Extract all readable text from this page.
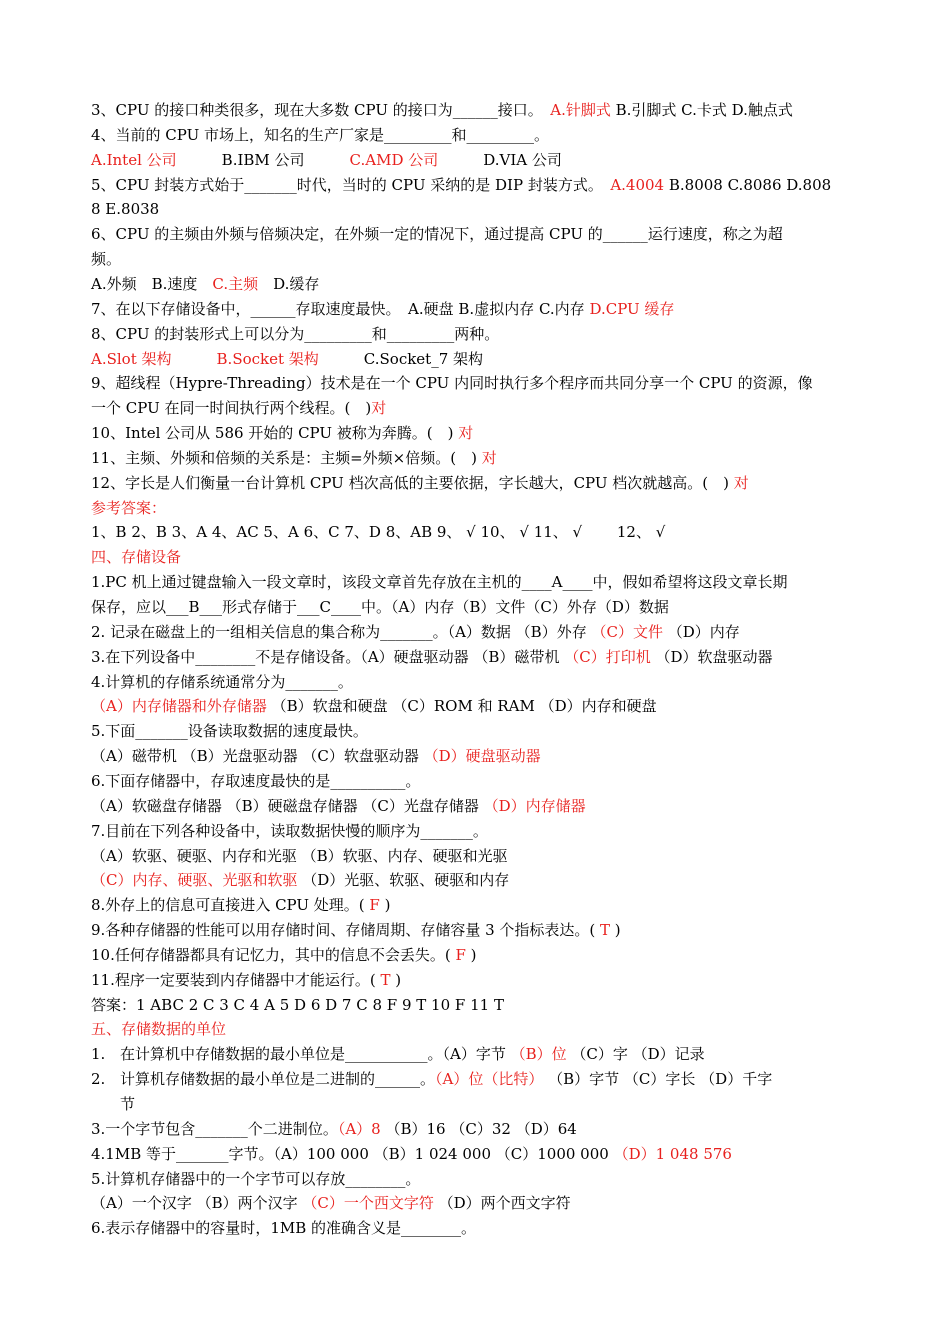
3、CPU 的接口种类很多，现在大多数 CPU 的接口为______接口。　A.针脚式 B.引脚式 C.卡式 D.触点式
4、当前的 CPU 市场上，知名的生产厂家是_________和_________。
A.Intel 公司　　　B.IBM 公司　　　C.AMD 公司　　　D.VIA 公司
5、CPU 封装方式始于_______时代，当时的 CPU 采纳的是 DIP 封装方式。　A.4004 B.8008 C.8086 D.808
8 E.8038
6、CPU 的主频由外频与倍频决定，在外频一定的情况下，通过提高 CPU 的______运行速度，称之为超
频。
A.外频　B.速度　C.主频　D.缓存
7、在以下存储设备中，______存取速度最快。　A.硬盘 B.虚拟内存 C.内存 D.CPU 缓存
8、CPU 的封装形式上可以分为_________和_________两种。
A.Slot 架构　　　	B.Socket 架构　　　C.Socket_7 架构
9、超线程（Hypre-Threading）技术是在一个 CPU 内同时执行多个程序而共同分享一个 CPU 的资源，像
一个 CPU 在同一时间执行两个线程。(　)对
10、Intel 公司从 586 开始的 CPU 被称为奔腾。(　) 对
11、主频、外频和倍频的关系是：主频=外频×倍频。(　) 对
12、字长是人们衡量一台计算机 CPU 档次高低的主要依据，字长越大，CPU 档次就越高。(　) 对
参考答案：
1、B 2、B 3、A 4、AC 5、A 6、C 7、D 8、AB 9、 √ 10、 √ 11、 √　　 12、 √
四、存储设备
1.PC 机上通过键盘输入一段文章时，该段文章首先存放在主机的____A____中，假如希望将这段文章长期
保存，应以___B___形式存储于___C____中。（A）内存（B）文件（C）外存（D）数据
2. 记录在磁盘上的一组相关信息的集合称为_______。（A）数据 （B）外存 （C）文件 （D）内存
3.在下列设备中________不是存储设备。（A）硬盘驱动器 （B）磁带机 （C）打印机 （D）软盘驱动器
4.计算机的存储系统通常分为_______。
（A）内存储器和外存储器 （B）软盘和硬盘 （C）ROM 和 RAM （D）内存和硬盘
5.下面_______设备读取数据的速度最快。
（A）磁带机 （B）光盘驱动器 （C）软盘驱动器 （D）硬盘驱动器
6.下面存储器中，存取速度最快的是__________。
（A）软磁盘存储器 （B）硬磁盘存储器 （C）光盘存储器 （D）内存储器
7.目前在下列各种设备中，读取数据快慢的顺序为_______。
（A）软驱、硬驱、内存和光驱 （B）软驱、内存、硬驱和光驱
（C）内存、硬驱、光驱和软驱 （D）光驱、软驱、硬驱和内存
8.外存上的信息可直接进入 CPU 处理。( F )
9.各种存储器的性能可以用存储时间、存储周期、存储容量 3 个指标表达。( T )
10.任何存储器都具有记忆力，其中的信息不会丢失。( F )
11.程序一定要装到内存储器中才能运行。( T )
答案：1 ABC 2 C 3 C 4 A 5 D 6 D 7 C 8 F 9 T 10 F 11 T
五、存储数据的单位
1. 在计算机中存储数据的最小单位是___________。（A）字节 （B）位 （C）字 （D）记录
2. 计算机存储数据的最小单位是二进制的______。（A）位（比特） （B）字节 （C）字长 （D）千字
节
3.一个字节包含_______个二进制位。（A）8 （B）16 （C）32 （D）64
4.1MB 等于_______字节。（A）100 000 （B）1 024 000 （C）1000 000 （D）1 048 576
5.计算机存储器中的一个字节可以存放________。
（A）一个汉字 （B）两个汉字 （C）一个西文字符 （D）两个西文字符
6.表示存储器中的容量时，1MB 的准确含义是________。
